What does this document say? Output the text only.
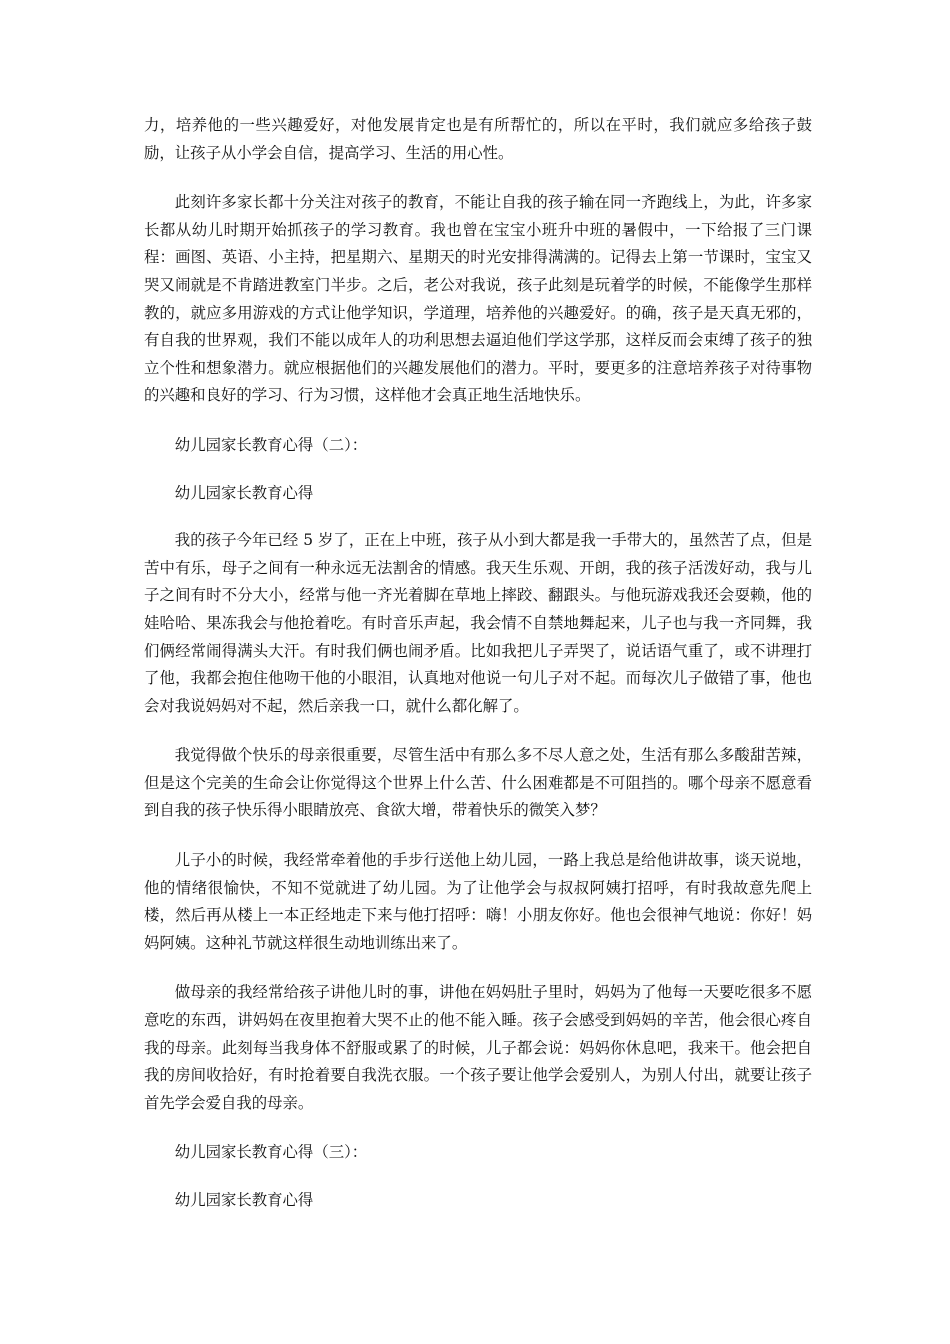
力，培养他的一些兴趣爱好，对他发展肯定也是有所帮忙的，所以在平时，我们就应多给孩子鼓励，让孩子从小学会自信，提高学习、生活的用心性。

此刻许多家长都十分关注对孩子的教育，不能让自我的孩子输在同一齐跑线上，为此，许多家长都从幼儿时期开始抓孩子的学习教育。我也曾在宝宝小班升中班的暑假中，一下给报了三门课程：画图、英语、小主持，把星期六、星期天的时光安排得满满的。记得去上第一节课时，宝宝又哭又闹就是不肯踏进教室门半步。之后，老公对我说，孩子此刻是玩着学的时候，不能像学生那样教的，就应多用游戏的方式让他学知识，学道理，培养他的兴趣爱好。的确，孩子是天真无邪的，有自我的世界观，我们不能以成年人的功利思想去逼迫他们学这学那，这样反而会束缚了孩子的独立个性和想象潜力。就应根据他们的兴趣发展他们的潜力。平时，要更多的注意培养孩子对待事物的兴趣和良好的学习、行为习惯，这样他才会真正地生活地快乐。

幼儿园家长教育心得（二）：

幼儿园家长教育心得

我的孩子今年已经 5 岁了，正在上中班，孩子从小到大都是我一手带大的，虽然苦了点，但是苦中有乐，母子之间有一种永远无法割舍的情感。我天生乐观、开朗，我的孩子活泼好动，我与儿子之间有时不分大小，经常与他一齐光着脚在草地上摔跤、翻跟头。与他玩游戏我还会耍赖，他的娃哈哈、果冻我会与他抢着吃。有时音乐声起，我会情不自禁地舞起来，儿子也与我一齐同舞，我们俩经常闹得满头大汗。有时我们俩也闹矛盾。比如我把儿子弄哭了，说话语气重了，或不讲理打了他，我都会抱住他吻干他的小眼泪，认真地对他说一句儿子对不起。而每次儿子做错了事，他也会对我说妈妈对不起，然后亲我一口，就什么都化解了。

我觉得做个快乐的母亲很重要，尽管生活中有那么多不尽人意之处，生活有那么多酸甜苦辣，但是这个完美的生命会让你觉得这个世界上什么苦、什么困难都是不可阻挡的。哪个母亲不愿意看到自我的孩子快乐得小眼睛放亮、食欲大增，带着快乐的微笑入梦？

儿子小的时候，我经常牵着他的手步行送他上幼儿园，一路上我总是给他讲故事，谈天说地，他的情绪很愉快，不知不觉就进了幼儿园。为了让他学会与叔叔阿姨打招呼，有时我故意先爬上楼，然后再从楼上一本正经地走下来与他打招呼：嗨！小朋友你好。他也会很神气地说：你好！妈妈阿姨。这种礼节就这样很生动地训练出来了。

做母亲的我经常给孩子讲他儿时的事，讲他在妈妈肚子里时，妈妈为了他每一天要吃很多不愿意吃的东西，讲妈妈在夜里抱着大哭不止的他不能入睡。孩子会感受到妈妈的辛苦，他会很心疼自我的母亲。此刻每当我身体不舒服或累了的时候，儿子都会说：妈妈你休息吧，我来干。他会把自我的房间收拾好，有时抢着要自我洗衣服。一个孩子要让他学会爱别人，为别人付出，就要让孩子首先学会爱自我的母亲。

幼儿园家长教育心得（三）：

幼儿园家长教育心得
